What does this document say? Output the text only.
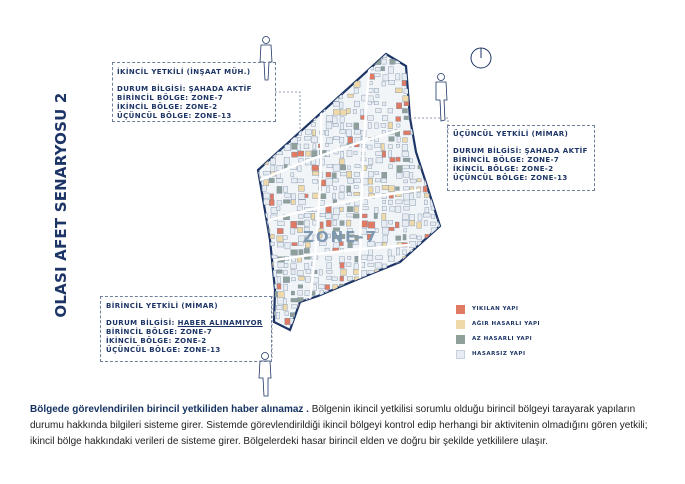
OLASI AFET SENARYOSU 2	ZONE-7
İKİNCİL YETKİLİ (İNŞAAT MÜH.)
DURUM BİLGİSİ: ŞAHADA AKTİF
BİRİNCİL BÖLGE: ZONE-7
İKİNCİL BÖLGE: ZONE-2
ÜÇÜNCÜL BÖLGE: ZONE-13
ÜÇÜNCÜL YETKİLİ (MİMAR)
DURUM BİLGİSİ: ŞAHADA AKTİF
BİRİNCİL BÖLGE: ZONE-7
İKİNCİL BÖLGE: ZONE-2
ÜÇÜNCÜL BÖLGE: ZONE-13
BİRİNCİL YETKİLİ (MİMAR)
DURUM BİLGİSİ: HABER ALINAMIYOR
BİRİNCİL BÖLGE: ZONE-7
İKİNCİL BÖLGE: ZONE-2
ÜÇÜNCÜL BÖLGE: ZONE-13
YIKILAN YAPI
AĞIR HASARLI YAPI
AZ HASARLI YAPI
HASARSIZ YAPI
Bölgede görevlendirilen birincil yetkiliden haber alınamaz . Bölgenin ikincil yetkilisi sorumlu olduğu birincil bölgeyi tarayarak yapıların durumu hakkında bilgileri sisteme girer. Sistemde görevlendirildiği ikincil bölgeyi kontrol edip herhangi bir aktivitenin olmadığını gören yetkili; ikincil bölge hakkındaki verileri de sisteme girer. Bölgelerdeki hasar birincil elden ve doğru bir şekilde yetkililere ulaşır.
